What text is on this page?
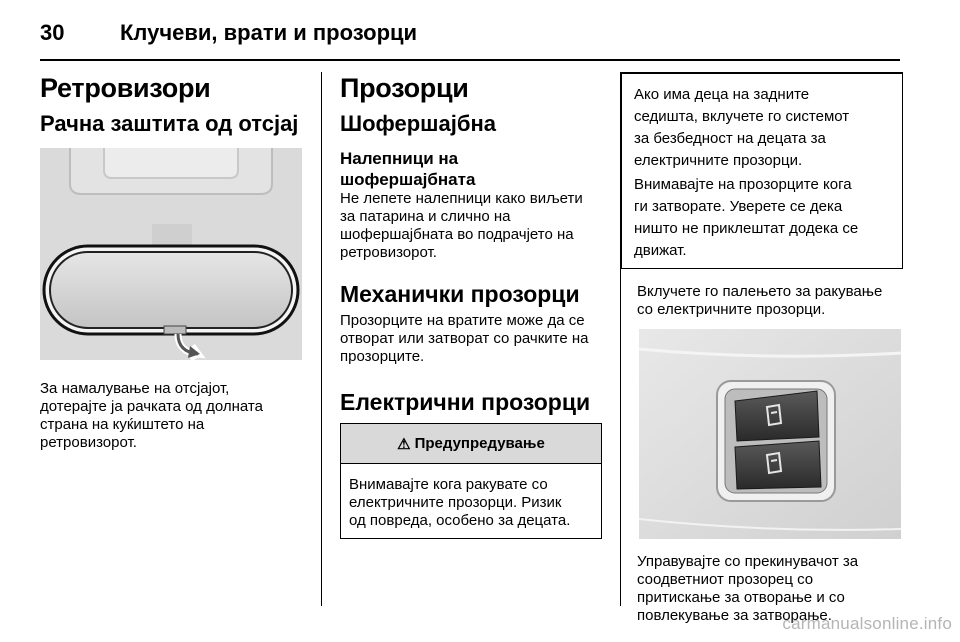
30	Клучеви, врати и прозорци
Ретровизори
Рачна заштита од отсјај
За намалување на отсјајот,
дотерајте ја рачката од долната
страна на куќиштето на
ретровизорот.
Прозорци
Шофершајбна
Налепници на
шофершајбната
Не лепете налепници како виљети
за патарина и слично на
шофершајбната во подрачјето на
ретровизорот.
Механички прозорци
Прозорците на вратите може да се
отворат или затворат со рачките на
прозорците.
Електрични прозорци
⚠ Предупредување
Внимавајте кога ракувате со
електричните прозорци. Ризик
од повреда, особено за децата.
Ако има деца на задните
седишта, вклучете го системот
за безбедност на децата за
електричните прозорци.
Внимавајте на прозорците кога
ги затворате. Уверете се дека
ништо не приклештат додека се
движат.
Вклучете го палењето за ракување
со електричните прозорци.
Управувајте со прекинувачот за
соодветниот прозорец со
притискање за отворање и со
повлекување за затворање.
carmanualsonline.info
